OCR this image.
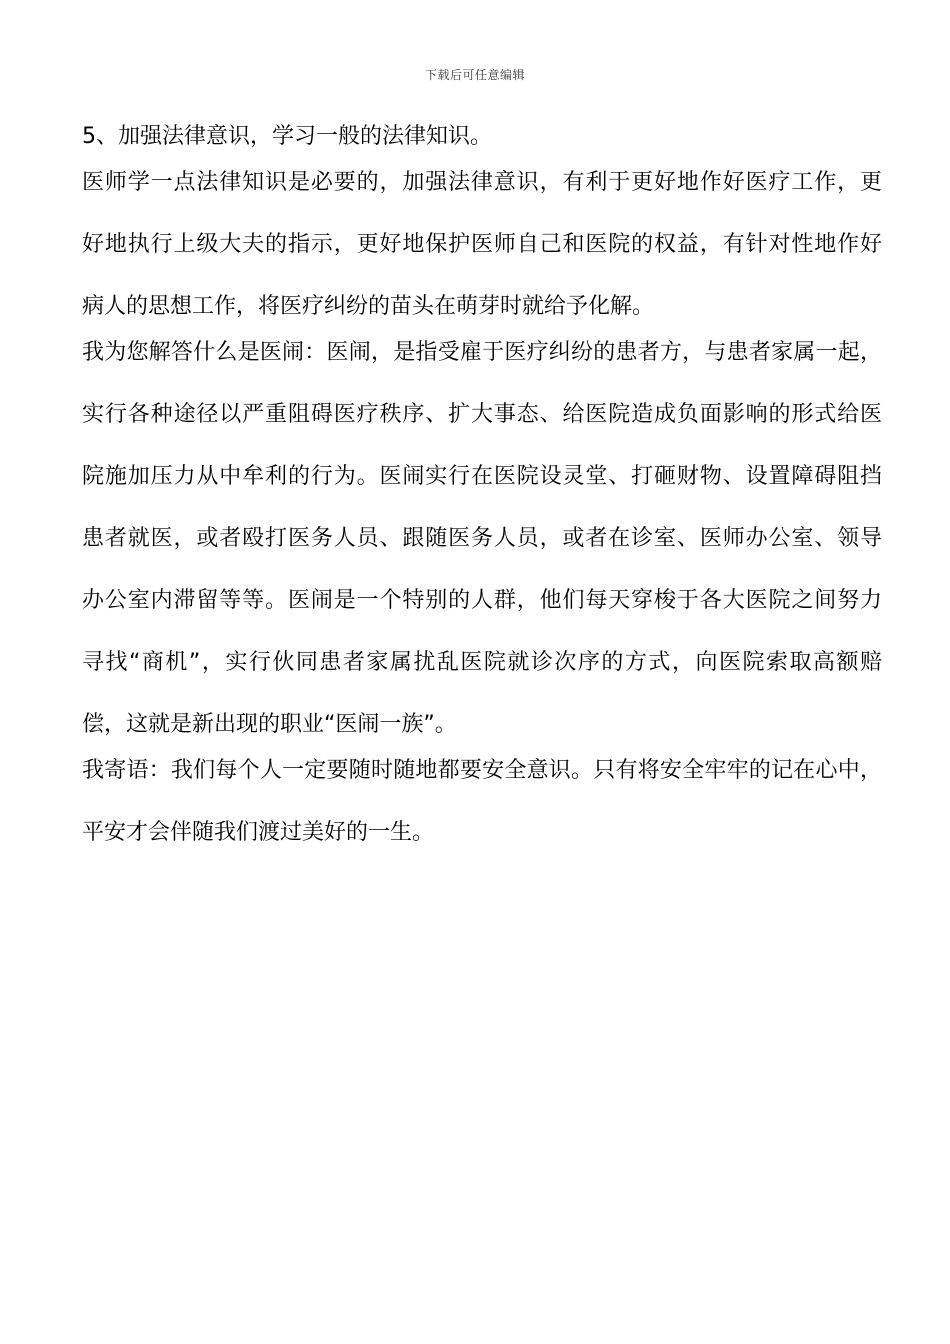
下载后可任意编辑
5、加强法律意识，学习一般的法律知识。
医师学一点法律知识是必要的，加强法律意识，有利于更好地作好医疗工作，更
好地执行上级大夫的指示，更好地保护医师自己和医院的权益，有针对性地作好
病人的思想工作，将医疗纠纷的苗头在萌芽时就给予化解。
我为您解答什么是医闹：医闹，是指受雇于医疗纠纷的患者方，与患者家属一起，
实行各种途径以严重阻碍医疗秩序、扩大事态、给医院造成负面影响的形式给医
院施加压力从中牟利的行为。医闹实行在医院设灵堂、打砸财物、设置障碍阻挡
患者就医，或者殴打医务人员、跟随医务人员，或者在诊室、医师办公室、领导
办公室内滞留等等。医闹是一个特别的人群，他们每天穿梭于各大医院之间努力
寻找“商机”，实行伙同患者家属扰乱医院就诊次序的方式，向医院索取高额赔
偿，这就是新出现的职业“医闹一族”。
我寄语：我们每个人一定要随时随地都要安全意识。只有将安全牢牢的记在心中，
平安才会伴随我们渡过美好的一生。
